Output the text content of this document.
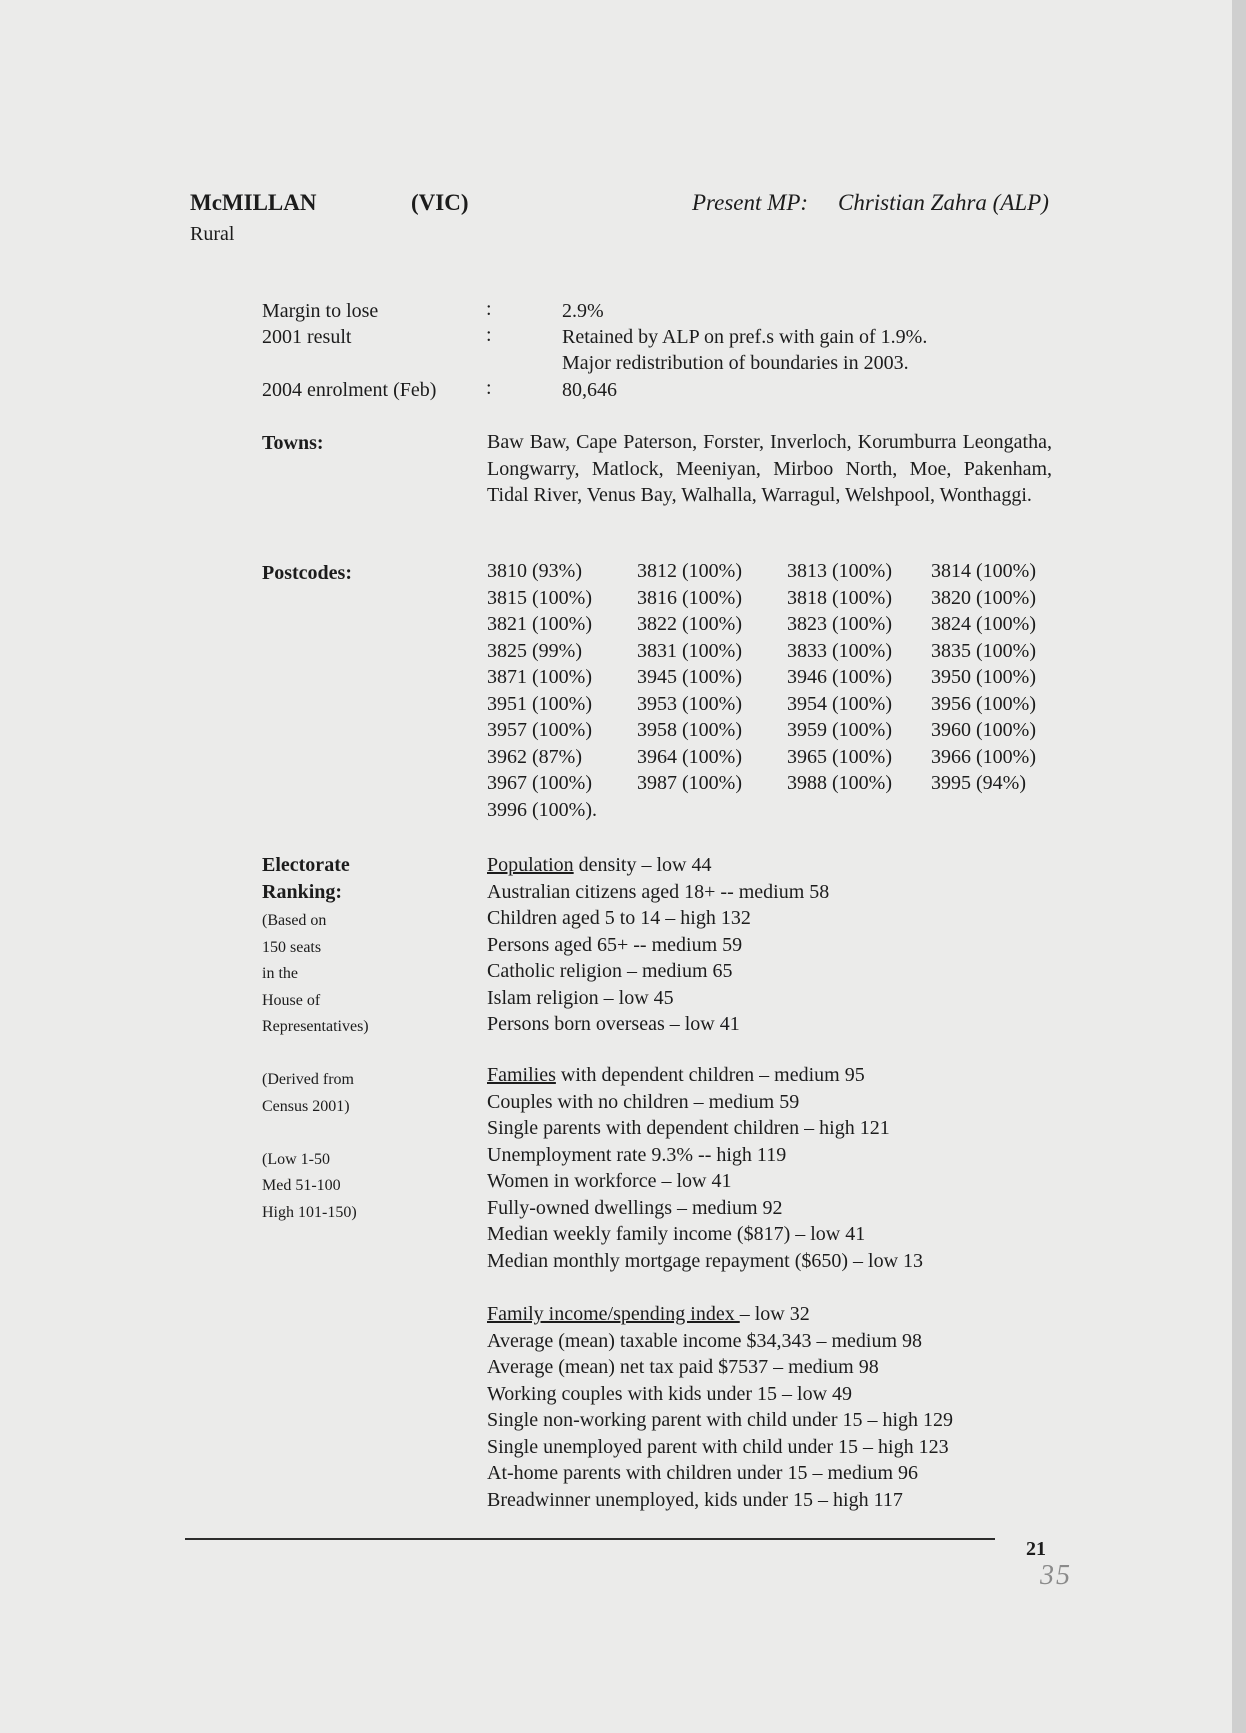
McMILLAN	(VIC)	Present MP: Christian Zahra (ALP)
Rural
Margin to lose	:	2.9%
2001 result	:	Retained by ALP on pref.s with gain of 1.9%.
Major redistribution of boundaries in 2003.
2004 enrolment (Feb) :	80,646
Towns:	Baw Baw, Cape Paterson, Forster, Inverloch, Korumburra Leongatha, Longwarry, Matlock, Meeniyan, Mirboo North, Moe, Pakenham, Tidal River, Venus Bay, Walhalla, Warragul, Welshpool, Wonthaggi.
Postcodes:	3810 (93%)	3812 (100%) 3813 (100%) 3814 (100%)
3815 (100%) 3816 (100%) 3818 (100%) 3820 (100%)
3821 (100%) 3822 (100%) 3823 (100%) 3824 (100%)
3825 (99%)	3831 (100%) 3833 (100%) 3835 (100%)
3871 (100%) 3945 (100%) 3946 (100%) 3950 (100%)
3951 (100%) 3953 (100%) 3954 (100%) 3956 (100%)
3957 (100%) 3958 (100%) 3959 (100%) 3960 (100%)
3962 (87%)	3964 (100%) 3965 (100%) 3966 (100%)
3967 (100%) 3987 (100%) 3988 (100%) 3995 (94%)
3996 (100%).
Electorate
Ranking:
(Based on
150 seats
in the
House of
Representatives)
(Derived from
Census 2001)
(Low 1-50
Med 51-100
High 101-150)
Population density – low 44
Australian citizens aged 18+ -- medium 58
Children aged 5 to 14 – high 132
Persons aged 65+ -- medium 59
Catholic religion – medium 65
Islam religion – low 45
Persons born overseas – low 41
Families with dependent children – medium 95
Couples with no children – medium 59
Single parents with dependent children – high 121
Unemployment rate 9.3% -- high 119
Women in workforce – low 41
Fully-owned dwellings – medium 92
Median weekly family income ($817) – low 41
Median monthly mortgage repayment ($650) – low 13
Family income/spending index – low 32
Average (mean) taxable income $34,343 – medium 98
Average (mean) net tax paid $7537 – medium 98
Working couples with kids under 15 – low 49
Single non-working parent with child under 15 – high 129
Single unemployed parent with child under 15 – high 123
At-home parents with children under 15 – medium 96
Breadwinner unemployed, kids under 15 – high 117
21
35
